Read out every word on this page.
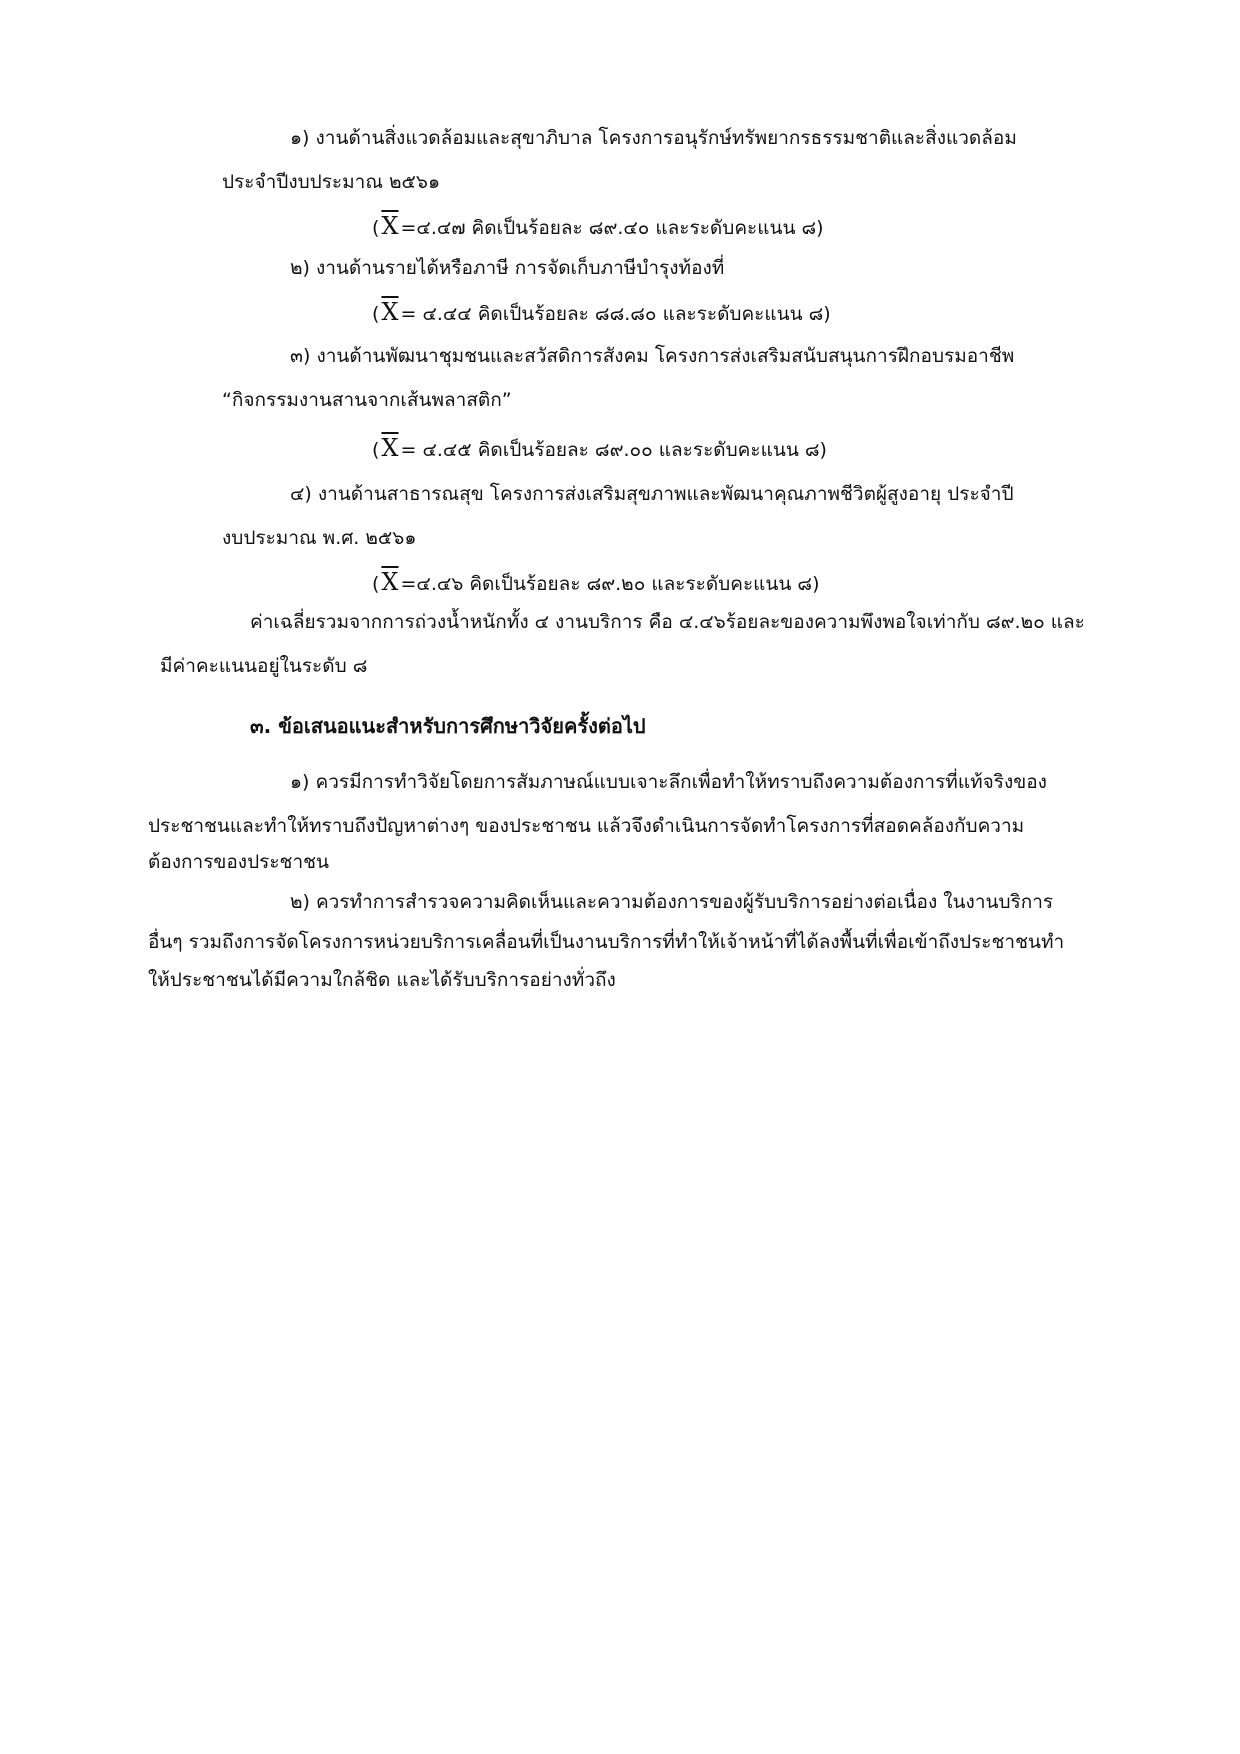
๑) งานด้านสิ่งแวดล้อมและสุขาภิบาล โครงการอนุรักษ์ทรัพยากรธรรมชาติและสิ่งแวดล้อม
ประจำปีงบประมาณ ๒๕๖๑
($\overline{X}$ =๔.๔๗ คิดเป็นร้อยละ ๘๙.๔๐ และระดับคะแนน ๘)
๒) งานด้านรายได้หรือภาษี การจัดเก็บภาษีบำรุงท้องที่
($\overline{X}$ = ๔.๔๔ คิดเป็นร้อยละ ๘๘.๘๐ และระดับคะแนน ๘)
๓) งานด้านพัฒนาชุมชนและสวัสดิการสังคม โครงการส่งเสริมสนับสนุนการฝึกอบรมอาชีพ
“กิจกรรมงานสานจากเส้นพลาสติก”
($\overline{X}$ = ๔.๔๕ คิดเป็นร้อยละ ๘๙.๐๐ และระดับคะแนน ๘)
๔) งานด้านสาธารณสุข โครงการส่งเสริมสุขภาพและพัฒนาคุณภาพชีวิตผู้สูงอายุ ประจำปี
งบประมาณ พ.ศ. ๒๕๖๑
($\overline{X}$ =๔.๔๖ คิดเป็นร้อยละ ๘๙.๒๐ และระดับคะแนน ๘)
ค่าเฉลี่ยรวมจากการถ่วงน้ำหนักทั้ง ๔ งานบริการ คือ ๔.๔๖ร้อยละของความพึงพอใจเท่ากับ ๘๙.๒๐ และ
มีค่าคะแนนอยู่ในระดับ ๘
๓. ข้อเสนอแนะสำหรับการศึกษาวิจัยครั้งต่อไป
๑) ควรมีการทำวิจัยโดยการสัมภาษณ์แบบเจาะลึกเพื่อทำให้ทราบถึงความต้องการที่แท้จริงของ
ประชาชนและทำให้ทราบถึงปัญหาต่างๆ ของประชาชน แล้วจึงดำเนินการจัดทำโครงการที่สอดคล้องกับความ
ต้องการของประชาชน
๒) ควรทำการสำรวจความคิดเห็นและความต้องการของผู้รับบริการอย่างต่อเนื่อง ในงานบริการ
อื่นๆ รวมถึงการจัดโครงการหน่วยบริการเคลื่อนที่เป็นงานบริการที่ทำให้เจ้าหน้าที่ได้ลงพื้นที่เพื่อเข้าถึงประชาชนทำ
ให้ประชาชนได้มีความใกล้ชิด และได้รับบริการอย่างทั่วถึง
